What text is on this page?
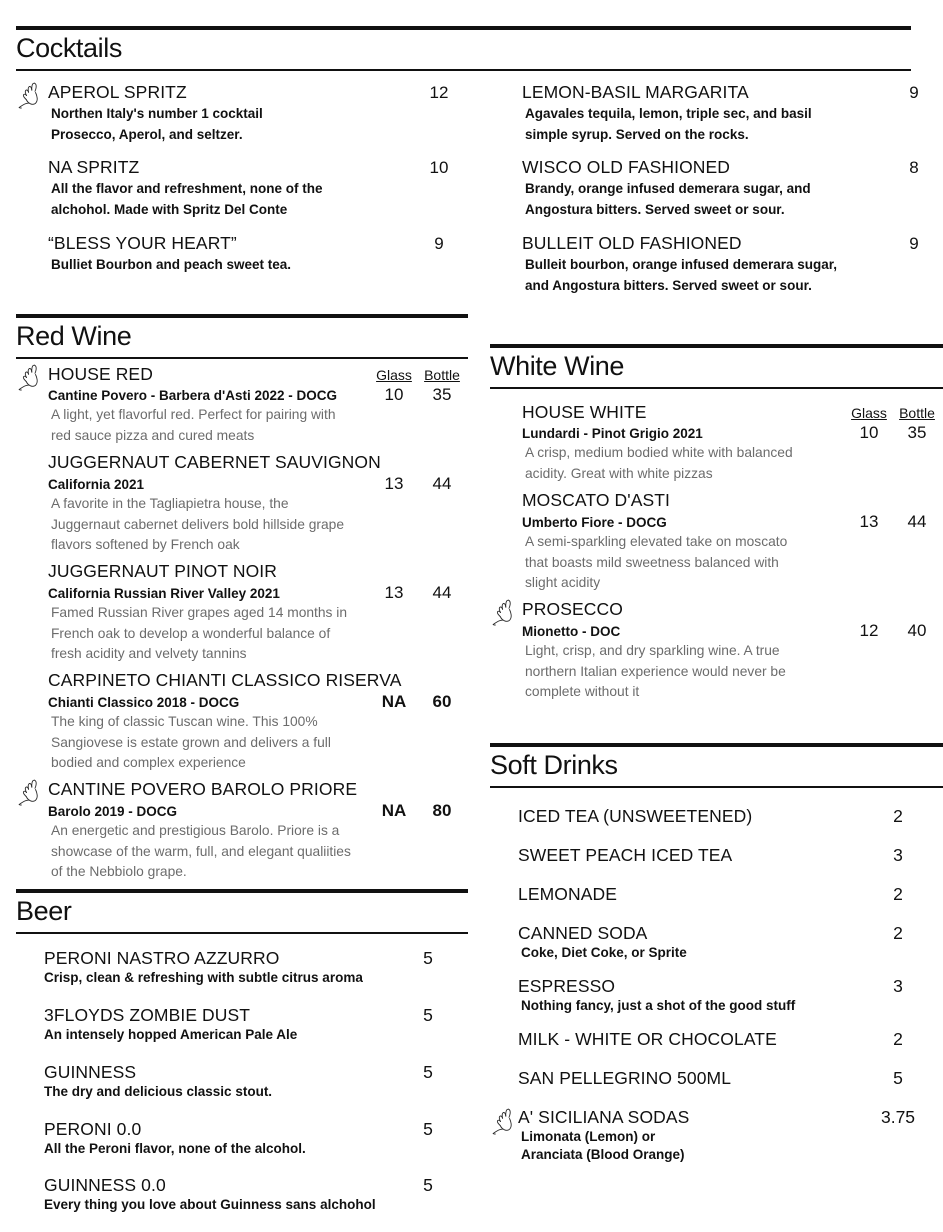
Cocktails
APEROL SPRITZ	12
Northen Italy's number 1 cocktail
Prosecco, Aperol, and seltzer.
NA SPRITZ	10
All the flavor and refreshment, none of the
alchohol. Made with Spritz Del Conte
“BLESS YOUR HEART”	9
Bulliet Bourbon and peach sweet tea.
LEMON-BASIL MARGARITA	9
Agavales tequila, lemon, triple sec, and basil
simple syrup. Served on the rocks.
WISCO OLD FASHIONED	8
Brandy, orange infused demerara sugar, and
Angostura bitters. Served sweet or sour.
BULLEIT OLD FASHIONED	9
Bulleit bourbon, orange infused demerara sugar,
and Angostura bitters. Served sweet or sour.
Red Wine
HOUSE RED	Glass Bottle
Cantine Povero - Barbera d'Asti 2022 - DOCG	10	35
A light, yet flavorful red. Perfect for pairing with
red sauce pizza and cured meats
JUGGERNAUT CABERNET SAUVIGNON
California 2021	13	44
A favorite in the Tagliapietra house, the
Juggernaut cabernet delivers bold hillside grape
flavors softened by French oak
JUGGERNAUT PINOT NOIR
California Russian River Valley 2021	13	44
Famed Russian River grapes aged 14 months in
French oak to develop a wonderful balance of
fresh acidity and velvety tannins
CARPINETO CHIANTI CLASSICO RISERVA
Chianti Classico 2018 - DOCG	NA	60
The king of classic Tuscan wine. This 100%
Sangiovese is estate grown and delivers a full
bodied and complex experience
CANTINE POVERO BAROLO PRIORE
Barolo 2019 - DOCG	NA	80
An energetic and prestigious Barolo. Priore is a
showcase of the warm, full, and elegant qualiities
of the Nebbiolo grape.
Beer
PERONI NASTRO AZZURRO	5
Crisp, clean & refreshing with subtle citrus aroma
3FLOYDS ZOMBIE DUST	5
An intensely hopped American Pale Ale
GUINNESS	5
The dry and delicious classic stout.
PERONI 0.0	5
All the Peroni flavor, none of the alcohol.
GUINNESS 0.0	5
Every thing you love about Guinness sans alchohol
White Wine
HOUSE WHITE	Glass Bottle
Lundardi - Pinot Grigio 2021	10	35
A crisp, medium bodied white with balanced
acidity. Great with white pizzas
MOSCATO D'ASTI
Umberto Fiore - DOCG	13	44
A semi-sparkling elevated take on moscato
that boasts mild sweetness balanced with
slight acidity
PROSECCO
Mionetto - DOC	12	40
Light, crisp, and dry sparkling wine. A true
northern Italian experience would never be
complete without it
Soft Drinks
ICED TEA (UNSWEETENED)	2
SWEET PEACH ICED TEA	3
LEMONADE	2
CANNED SODA	2
Coke, Diet Coke, or Sprite
ESPRESSO	3
Nothing fancy, just a shot of the good stuff
MILK - WHITE OR CHOCOLATE	2
SAN PELLEGRINO 500ML	5
A' SICILIANA SODAS	3.75
Limonata (Lemon) or
Aranciata (Blood Orange)
